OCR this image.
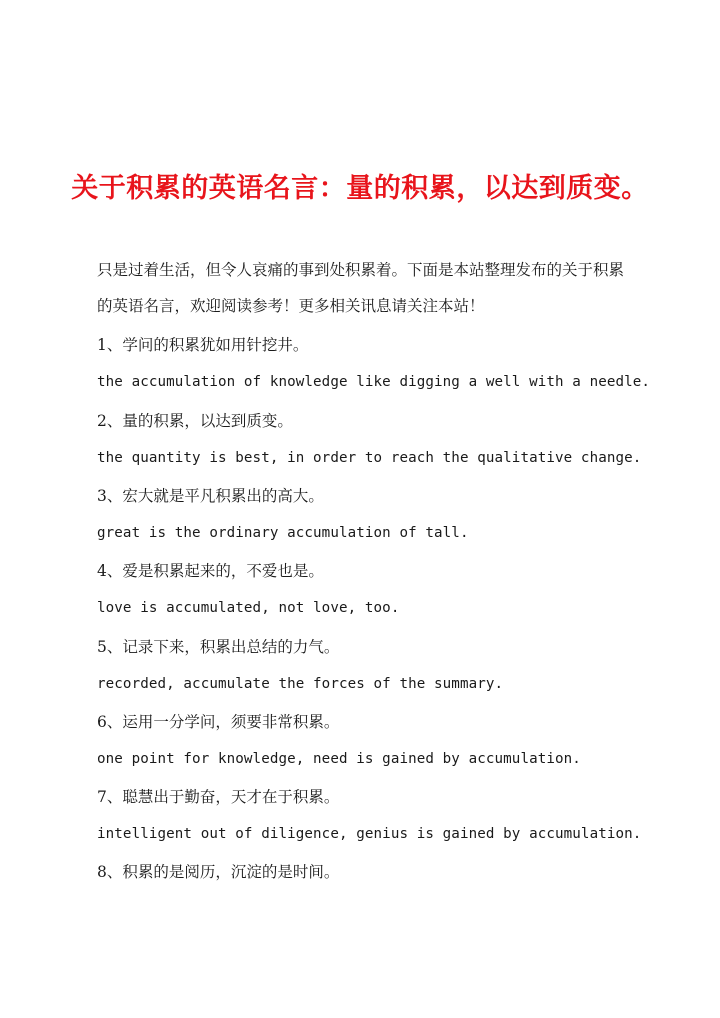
关于积累的英语名言：量的积累，以达到质变。

只是过着生活，但令人哀痛的事到处积累着。下面是本站整理发布的关于积累的英语名言，欢迎阅读参考！更多相关讯息请关注本站！

1、学问的积累犹如用针挖井。

the accumulation of knowledge like digging a well with a needle.

2、量的积累，以达到质变。

the quantity is best, in order to reach the qualitative change.

3、宏大就是平凡积累出的高大。

great is the ordinary accumulation of tall.

4、爱是积累起来的，不爱也是。

love is accumulated, not love, too.

5、记录下来，积累出总结的力气。

recorded, accumulate the forces of the summary.

6、运用一分学问，须要非常积累。

one point for knowledge, need is gained by accumulation.

7、聪慧出于勤奋，天才在于积累。

intelligent out of diligence, genius is gained by accumulation.

8、积累的是阅历，沉淀的是时间。
